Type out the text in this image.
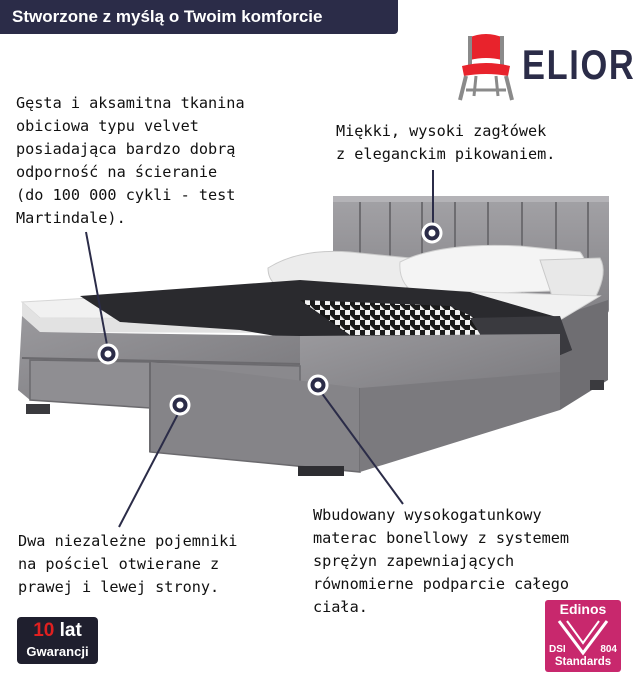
Stworzone z myślą o Twoim komforcie
ELIOR
Gęsta i aksamitna tkanina
obiciowa typu velvet
posiadająca bardzo dobrą
odporność na ścieranie
(do 100 000 cykli - test
Martindale).
Miękki, wysoki zagłówek
z eleganckim pikowaniem.
Dwa niezależne pojemniki
na pościel otwierane z
prawej i lewej strony.
Wbudowany wysokogatunkowy
materac bonellowy z systemem
sprężyn zapewniających
równomierne podparcie całego
ciała.
10 lat
Gwarancji
Edinos
DSI	804
Standards
